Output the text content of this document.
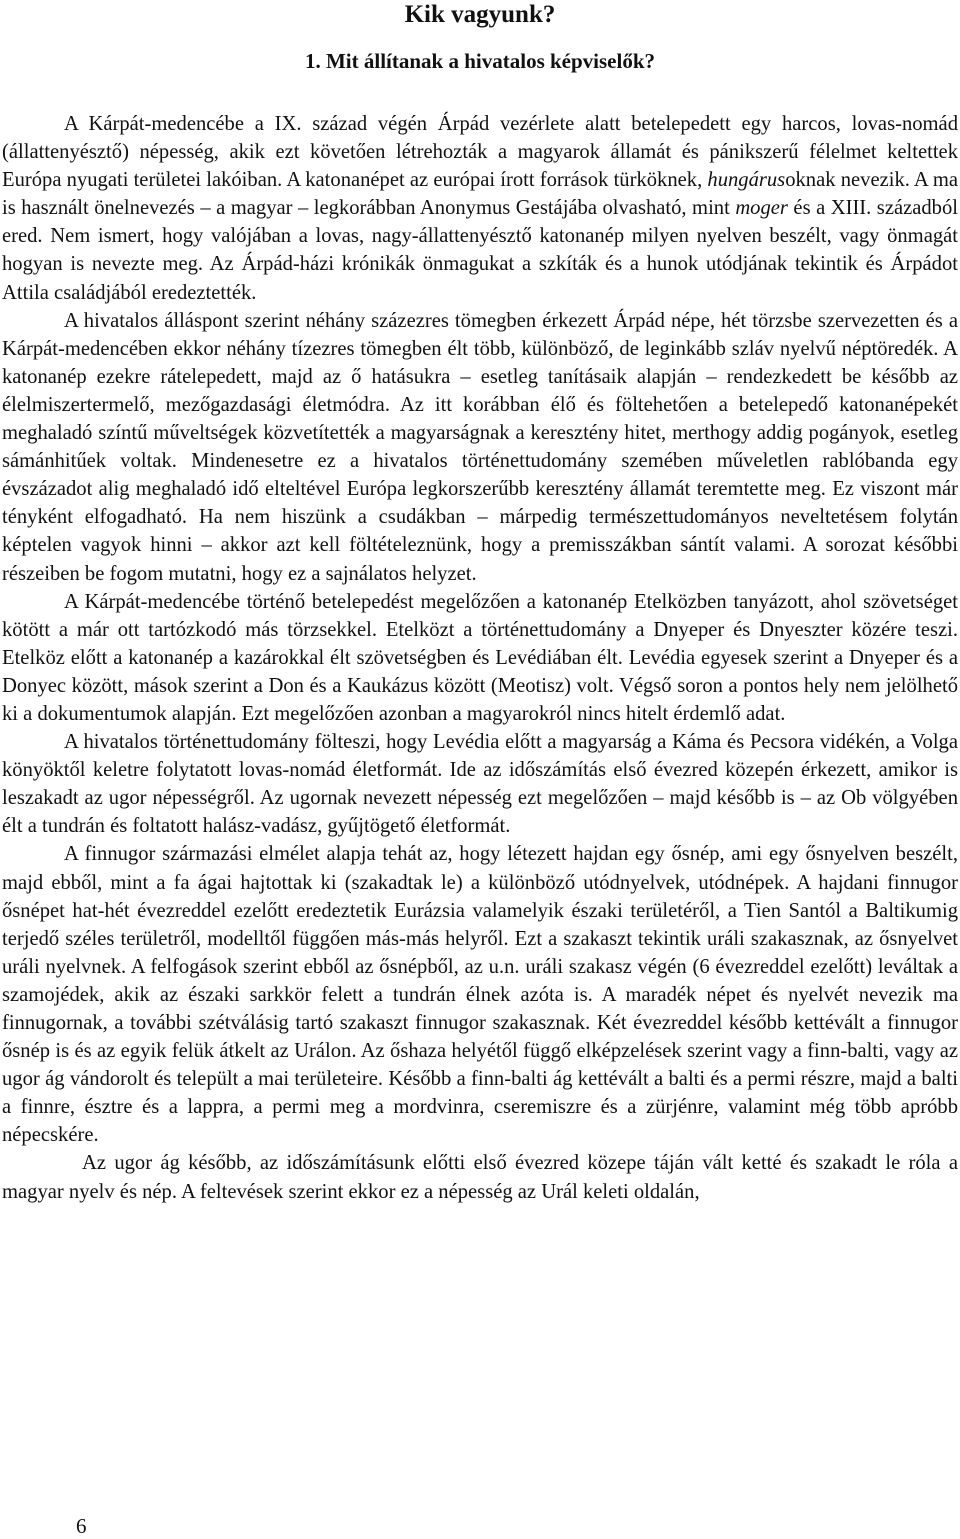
Kik vagyunk?
1. Mit állítanak a hivatalos képviselők?

A Kárpát-medencébe a IX. század végén Árpád vezérlete alatt betelepedett egy harcos, lovas-nomád (állattenyésztő) népesség, akik ezt követően létrehozták a magyarok államát és pánikszerű félelmet keltettek Európa nyugati területei lakóiban. A katonanépet az európai írott források türköknek, hungárusoknak nevezik. A ma is használt önelnevezés – a magyar – legkorábban Anonymus Gestájába olvasható, mint moger és a XIII. századból ered. Nem ismert, hogy valójában a lovas, nagy-állattenyésztő katonanép milyen nyelven beszélt, vagy önmagát hogyan is nevezte meg. Az Árpád-házi krónikák önmagukat a szkíták és a hunok utódjának tekintik és Árpádot Attila családjából eredeztették.

A hivatalos álláspont szerint néhány százezres tömegben érkezett Árpád népe, hét törzsbe szervezetten és a Kárpát-medencében ekkor néhány tízezres tömegben élt több, különböző, de leginkább szláv nyelvű néptöredék. A katonanép ezekre rátelepedett, majd az ő hatásukra – esetleg tanításaik alapján – rendezkedett be később az élelmiszertermelő, mezőgazdasági életmódra. Az itt korábban élő és föltehetően a betelepedő katonanépekét meghaladó színtű műveltségek közvetítették a magyarságnak a keresztény hitet, merthogy addig pogányok, esetleg sámánhitűek voltak. Mindenesetre ez a hivatalos történettudomány szemében műveletlen rablóbanda egy évszázadot alig meghaladó idő elteltével Európa legkorszerűbb keresztény államát teremtette meg. Ez viszont már tényként elfogadható. Ha nem hiszünk a csudákban – márpedig természettudományos neveltetésem folytán képtelen vagyok hinni – akkor azt kell föltételeznünk, hogy a premisszákban sántít valami. A sorozat későbbi részeiben be fogom mutatni, hogy ez a sajnálatos helyzet.

A Kárpát-medencébe történő betelepedést megelőzően a katonanép Etelközben tanyázott, ahol szövetséget kötött a már ott tartózkodó más törzsekkel. Etelközt a történettudomány a Dnyeper és Dnyeszter közére teszi. Etelköz előtt a katonanép a kazárokkal élt szövetségben és Levédiában élt. Levédia egyesek szerint a Dnyeper és a Donyec között, mások szerint a Don és a Kaukázus között (Meotisz) volt. Végső soron a pontos hely nem jelölhető ki a dokumentumok alapján. Ezt megelőzően azonban a magyarokról nincs hitelt érdemlő adat.

A hivatalos történettudomány fölteszi, hogy Levédia előtt a magyarság a Káma és Pecsora vidékén, a Volga könyöktől keletre folytatott lovas-nomád életformát. Ide az időszámítás első évezred közepén érkezett, amikor is leszakadt az ugor népességről. Az ugornak nevezett népesség ezt megelőzően – majd később is – az Ob völgyében élt a tundrán és foltatott halász-vadász, gyűjtögető életformát.

A finnugor származási elmélet alapja tehát az, hogy létezett hajdan egy ősnép, ami egy ősnyelven beszélt, majd ebből, mint a fa ágai hajtottak ki (szakadtak le) a különböző utódnyelvek, utódnépek. A hajdani finnugor ősnépet hat-hét évezreddel ezelőtt eredeztetik Eurázsia valamelyik északi területéről, a Tien Santól a Baltikumig terjedő széles területről, modelltől függően más-más helyről. Ezt a szakaszt tekintik uráli szakasznak, az ősnyelvet uráli nyelvnek. A felfogások szerint ebből az ősnépből, az u.n. uráli szakasz végén (6 évezreddel ezelőtt) leváltak a szamojédek, akik az északi sarkkör felett a tundrán élnek azóta is. A maradék népet és nyelvét nevezik ma finnugornak, a további szétválásig tartó szakaszt finnugor szakasznak. Két évezreddel később kettévált a finnugor ősnép is és az egyik felük átkelt az Urálon. Az őshaza helyétől függő elképzelések szerint vagy a finn-balti, vagy az ugor ág vándorolt és települt a mai területeire. Később a finn-balti ág kettévált a balti és a permi részre, majd a balti a finnre, észtre és a lappra, a permi meg a mordvinra, cseremiszre és a zürjénre, valamint még több apróbb népecskére.

Az ugor ág később, az időszámításunk előtti első évezred közepe táján vált ketté és szakadt le róla a magyar nyelv és nép. A feltevések szerint ekkor ez a népesség az Urál keleti oldalán,

6
